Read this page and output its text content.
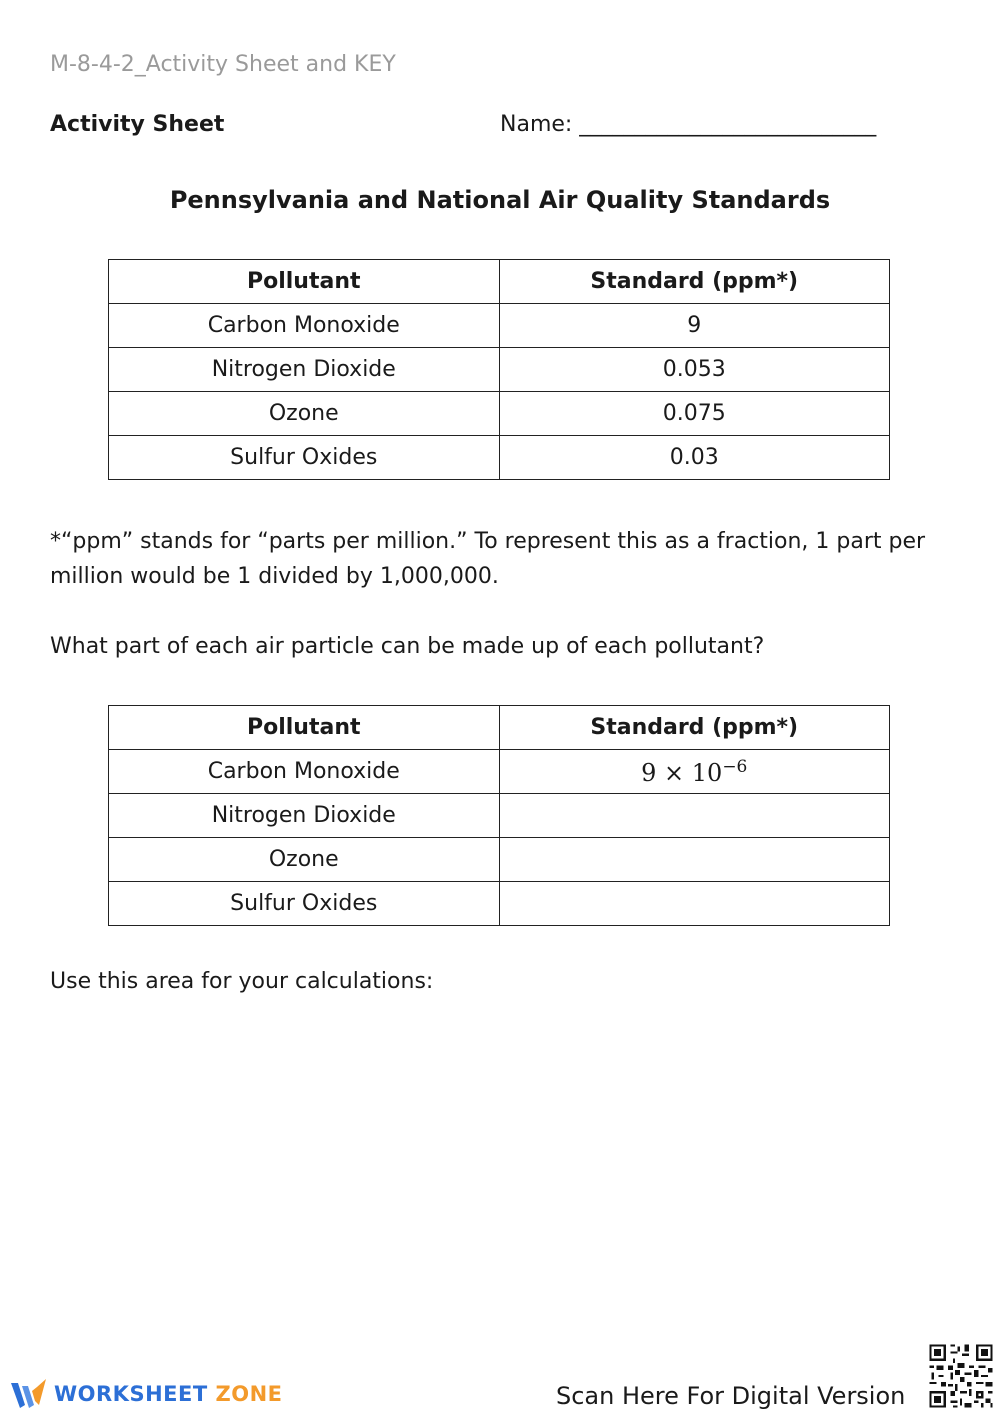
M-8-4-2_Activity Sheet and KEY
Activity Sheet	Name: ___________________________
Pennsylvania and National Air Quality Standards
Pollutant	Standard (ppm*)
Carbon Monoxide	9
Nitrogen Dioxide	0.053
Ozone	0.075
Sulfur Oxides	0.03
*“ppm” stands for “parts per million.” To represent this as a fraction, 1 part per million would be 1 divided by 1,000,000.
What part of each air particle can be made up of each pollutant?
Pollutant	Standard (ppm*)
Carbon Monoxide	$9 \times 10^{-6}$
Nitrogen Dioxide	
Ozone	
Sulfur Oxides	
Use this area for your calculations:
WORKSHEET ZONE	Scan Here For Digital Version
